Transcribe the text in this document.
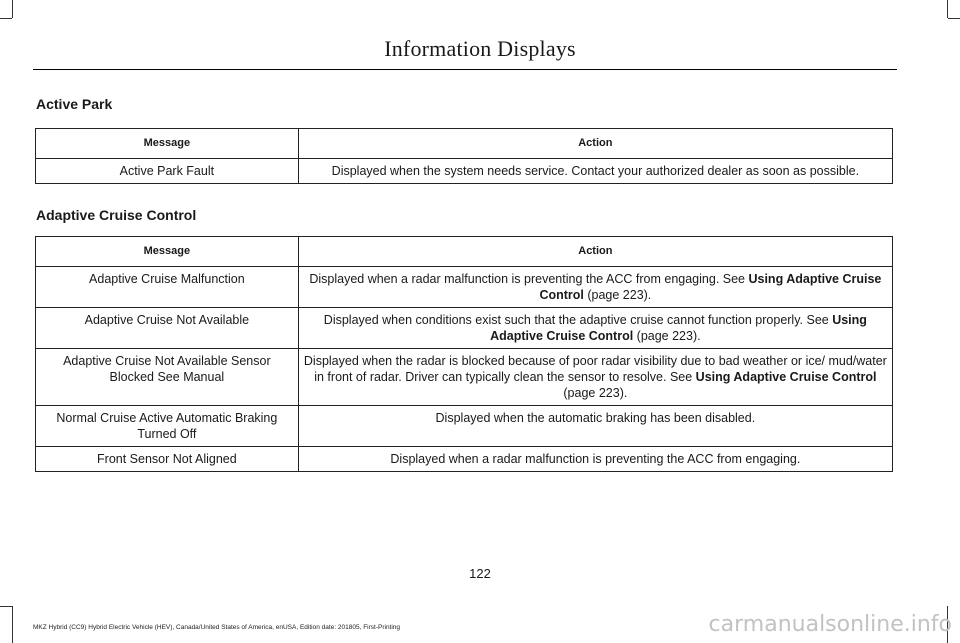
Information Displays
Active Park
Message	Action
Active Park Fault	Displayed when the system needs service. Contact your authorized dealer as soon as possible.
Adaptive Cruise Control
Message	Action
Adaptive Cruise Malfunction	Displayed when a radar malfunction is preventing the ACC from engaging. See Using Adaptive Cruise Control (page 223).
Adaptive Cruise Not Available	Displayed when conditions exist such that the adaptive cruise cannot function properly. See Using Adaptive Cruise Control (page 223).
Adaptive Cruise Not Available Sensor Blocked See Manual	Displayed when the radar is blocked because of poor radar visibility due to bad weather or ice/ mud/water in front of radar. Driver can typically clean the sensor to resolve. See Using Adaptive Cruise Control (page 223).
Normal Cruise Active Automatic Braking Turned Off	Displayed when the automatic braking has been disabled.
Front Sensor Not Aligned	Displayed when a radar malfunction is preventing the ACC from engaging.
122
MKZ Hybrid (CC9) Hybrid Electric Vehicle (HEV), Canada/United States of America, enUSA, Edition date: 201805, First-Printing	carmanualsonline.info
